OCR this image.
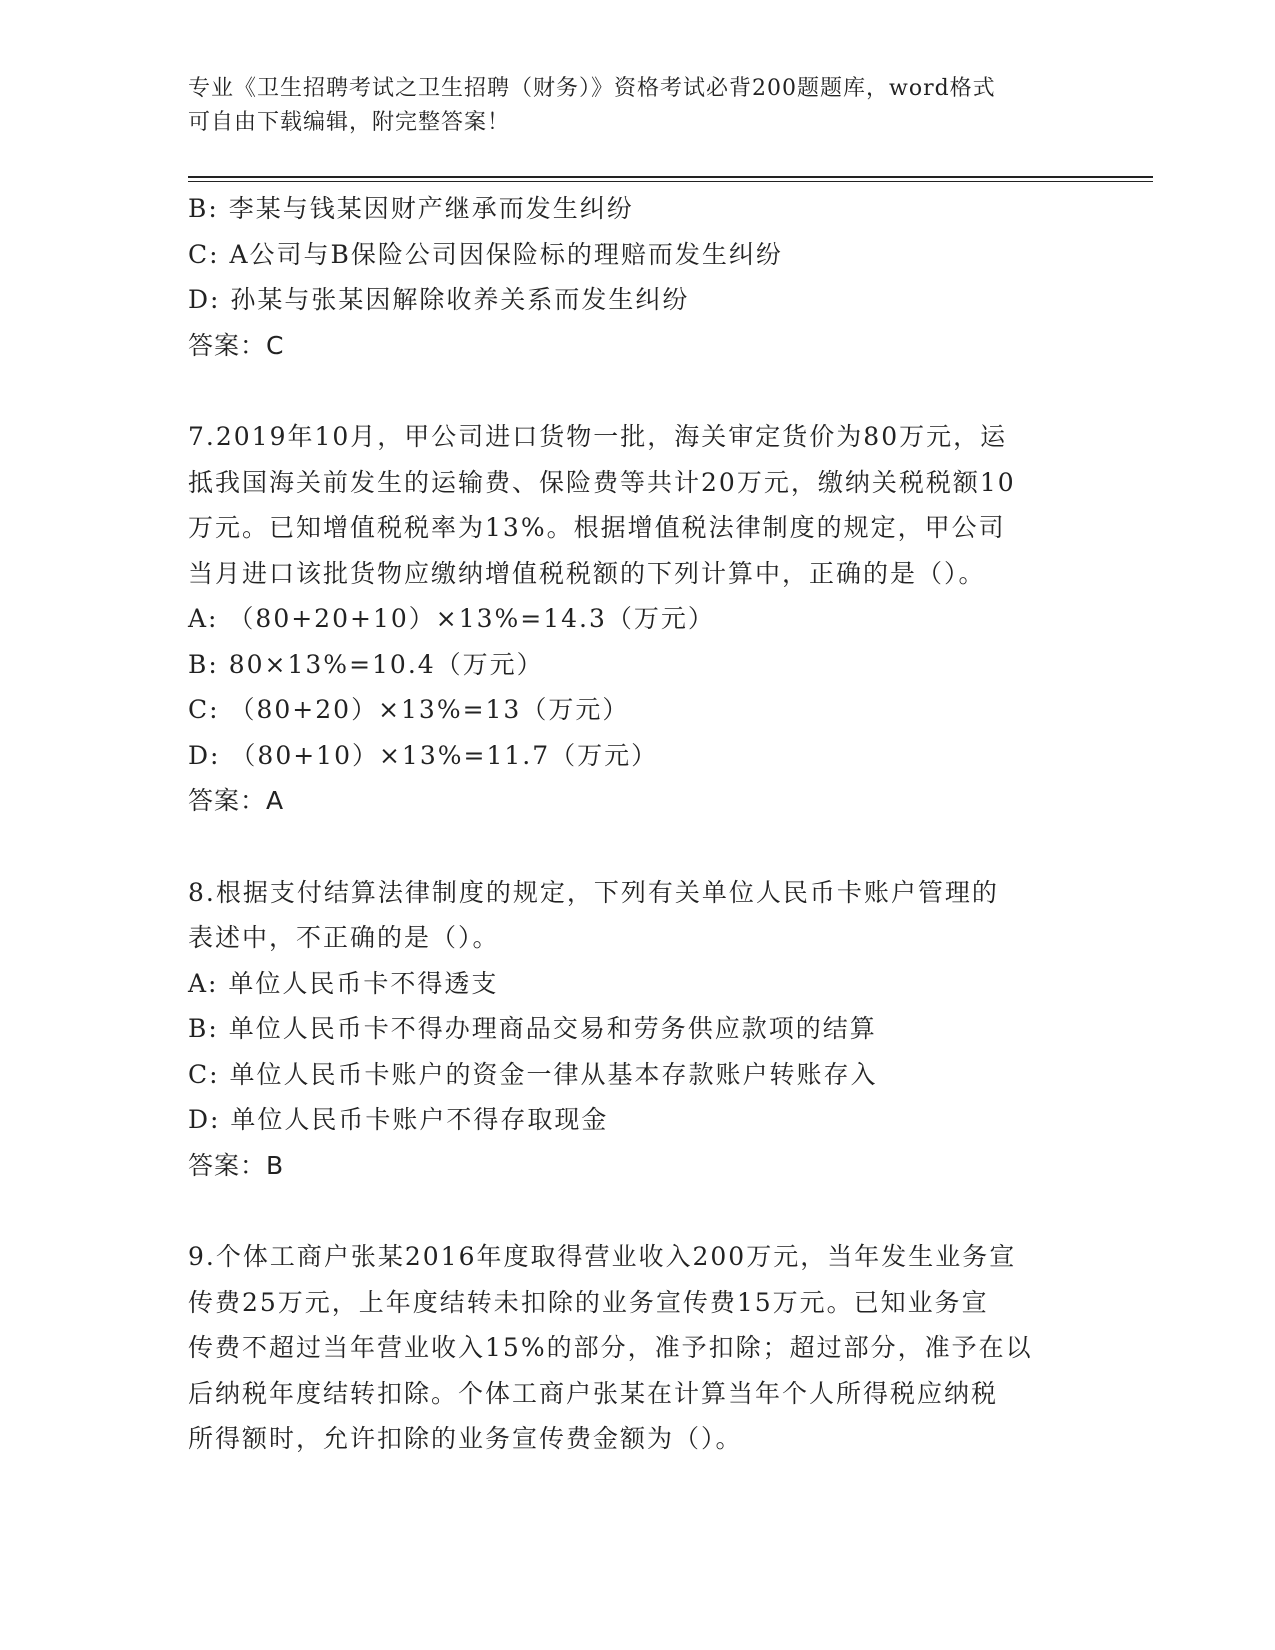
专业《卫生招聘考试之卫生招聘（财务）》资格考试必背200题题库，word格式
可自由下载编辑，附完整答案！
B: 李某与钱某因财产继承而发生纠纷
C: A公司与B保险公司因保险标的理赔而发生纠纷
D: 孙某与张某因解除收养关系而发生纠纷
答案：C
7.2019年10月，甲公司进口货物一批，海关审定货价为80万元，运
抵我国海关前发生的运输费、保险费等共计20万元，缴纳关税税额10
万元。已知增值税税率为13%。根据增值税法律制度的规定，甲公司
当月进口该批货物应缴纳增值税税额的下列计算中，正确的是（）。
A: （80+20+10）×13%=14.3（万元）
B: 80×13%=10.4（万元）
C: （80+20）×13%=13（万元）
D: （80+10）×13%=11.7（万元）
答案：A
8.根据支付结算法律制度的规定，下列有关单位人民币卡账户管理的
表述中，不正确的是（）。
A: 单位人民币卡不得透支
B: 单位人民币卡不得办理商品交易和劳务供应款项的结算
C: 单位人民币卡账户的资金一律从基本存款账户转账存入
D: 单位人民币卡账户不得存取现金
答案：B
9.个体工商户张某2016年度取得营业收入200万元，当年发生业务宣
传费25万元，上年度结转未扣除的业务宣传费15万元。已知业务宣
传费不超过当年营业收入15%的部分，准予扣除；超过部分，准予在以
后纳税年度结转扣除。个体工商户张某在计算当年个人所得税应纳税
所得额时，允许扣除的业务宣传费金额为（）。
